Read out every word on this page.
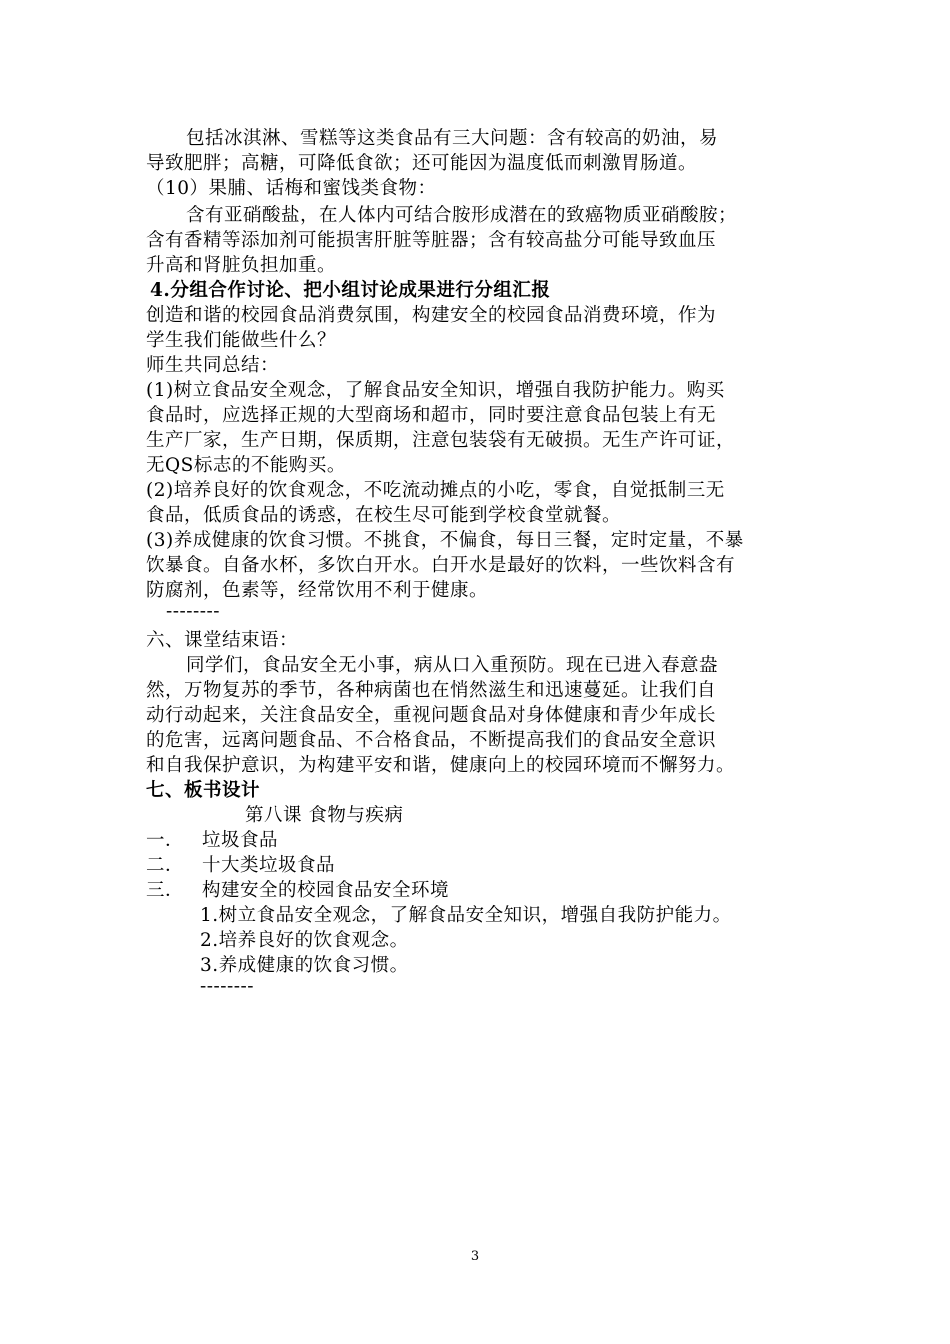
包括冰淇淋、雪糕等这类食品有三大问题：含有较高的奶油，易
导致肥胖；高糖，可降低食欲；还可能因为温度低而刺激胃肠道。
（10）果脯、话梅和蜜饯类食物：
含有亚硝酸盐，在人体内可结合胺形成潜在的致癌物质亚硝酸胺；
含有香精等添加剂可能损害肝脏等脏器；含有较高盐分可能导致血压
升高和肾脏负担加重。
4.分组合作讨论、把小组讨论成果进行分组汇报
创造和谐的校园食品消费氛围，构建安全的校园食品消费环境，作为
学生我们能做些什么？
师生共同总结：
(1)树立食品安全观念，了解食品安全知识，增强自我防护能力。购买
食品时，应选择正规的大型商场和超市，同时要注意食品包装上有无
生产厂家，生产日期，保质期，注意包装袋有无破损。无生产许可证，
无QS标志的不能购买。
(2)培养良好的饮食观念，不吃流动摊点的小吃，零食，自觉抵制三无
食品，低质食品的诱惑，在校生尽可能到学校食堂就餐。
(3)养成健康的饮食习惯。不挑食，不偏食，每日三餐，定时定量，不暴
饮暴食。自备水杯，多饮白开水。白开水是最好的饮料，一些饮料含有
防腐剂，色素等，经常饮用不利于健康。
--------
六、课堂结束语：
同学们，食品安全无小事，病从口入重预防。现在已进入春意盎
然，万物复苏的季节，各种病菌也在悄然滋生和迅速蔓延。让我们自
动行动起来，关注食品安全，重视问题食品对身体健康和青少年成长
的危害，远离问题食品、不合格食品，不断提高我们的食品安全意识
和自我保护意识，为构建平安和谐，健康向上的校园环境而不懈努力。
七、板书设计
第八课 食物与疾病
一． 垃圾食品
二． 十大类垃圾食品
三． 构建安全的校园食品安全环境
1.树立食品安全观念，了解食品安全知识，增强自我防护能力。
2.培养良好的饮食观念。
3.养成健康的饮食习惯。
--------
3
